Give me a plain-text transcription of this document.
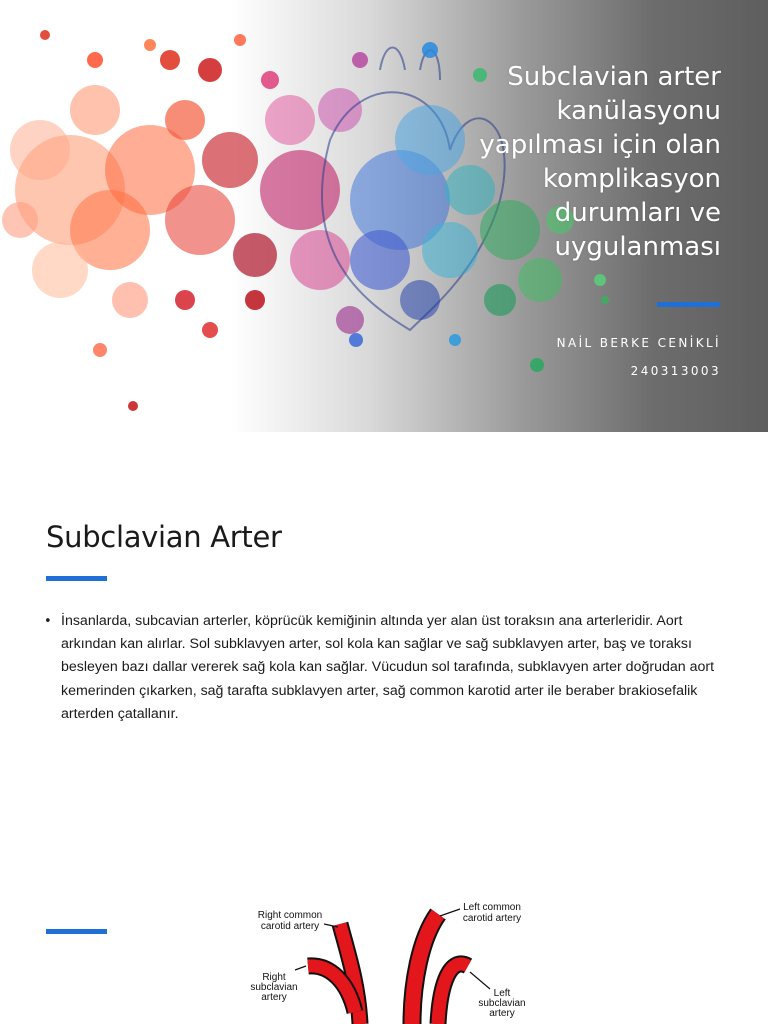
Subclavian arter
kanülasyonu
yapılması için olan
komplikasyon
durumları ve
uygulanması
NAİL BERKE CENİKLİ
240313003
Subclavian Arter
• İnsanlarda, subcavian arterler, köprücük kemiğinin altında yer alan üst toraksın ana arterleridir. Aort arkından kan alırlar. Sol subklavyen arter, sol kola kan sağlar ve sağ subklavyen arter, baş ve toraksı besleyen bazı dallar vererek sağ kola kan sağlar. Vücudun sol tarafında, subklavyen arter doğrudan aort kemerinden çıkarken, sağ tarafta subklavyen arter, sağ common karotid arter ile beraber brakiosefalik arterden çatallanır.

Right common
carotid artery
Right
subclavian
artery
Left common
carotid artery
Left
subclavian
artery
